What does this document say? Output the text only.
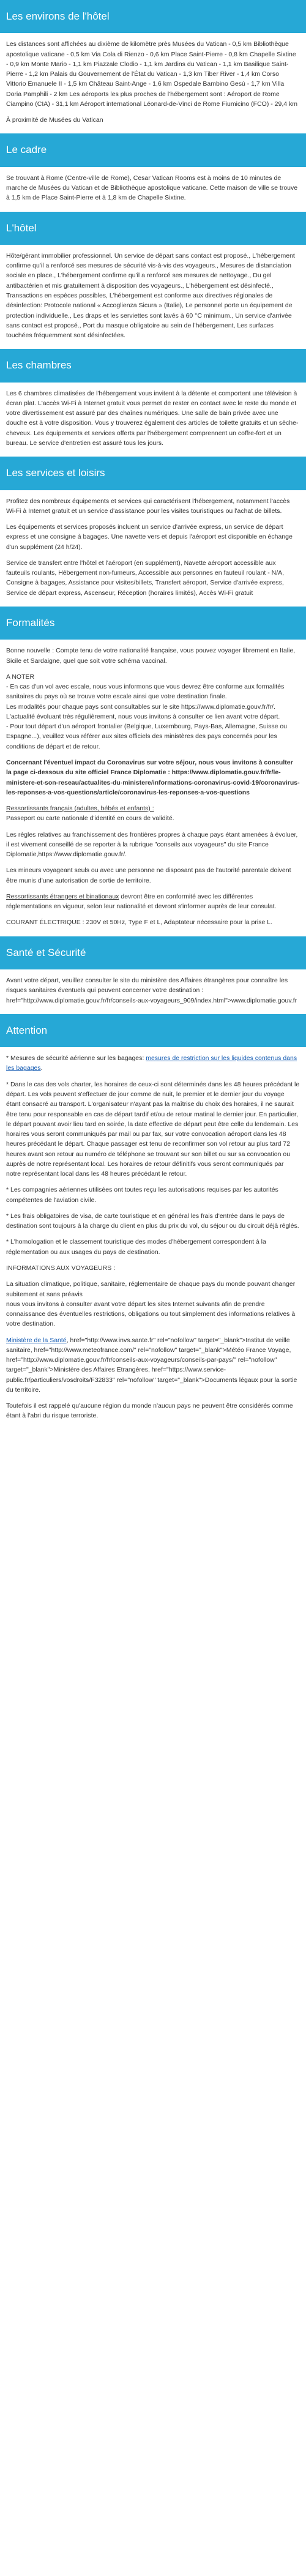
Les environs de l'hôtel

Les distances sont affichées au dixième de kilomètre près Musées du Vatican - 0,5 km Bibliothèque apostolique vaticane - 0,5 km Via Cola di Rienzo - 0,6 km Place Saint-Pierre - 0,8 km Chapelle Sixtine - 0,9 km Monte Mario - 1,1 km Piazzale Clodio - 1,1 km Jardins du Vatican - 1,1 km Basilique Saint-Pierre - 1,2 km Palais du Gouvernement de l'État du Vatican - 1,3 km Tiber River - 1,4 km Corso Vittorio Emanuele II - 1,5 km Château Saint-Ange - 1,6 km Ospedale Bambino Gesù - 1,7 km Villa Doria Pamphili - 2 km Les aéroports les plus proches de l'hébergement sont : Aéroport de Rome Ciampino (CIA) - 31,1 km Aéroport international Léonard-de-Vinci de Rome Fiumicino (FCO) - 29,4 km

À proximité de Musées du Vatican

Le cadre

Se trouvant à Rome (Centre-ville de Rome), Cesar Vatican Rooms est à moins de 10 minutes de marche de Musées du Vatican et de Bibliothèque apostolique vaticane. Cette maison de ville se trouve à 1,5 km de Place Saint-Pierre et à 1,8 km de Chapelle Sixtine.

L'hôtel

Hôte/gérant immobilier professionnel. Un service de départ sans contact est proposé., L'hébergement confirme qu'il a renforcé ses mesures de sécurité vis-à-vis des voyageurs., Mesures de distanciation sociale en place., L'hébergement confirme qu'il a renforcé ses mesures de nettoyage., Du gel antibactérien et mis gratuitement à disposition des voyageurs., L'hébergement est désinfecté., Transactions en espèces possibles, L'hébergement est conforme aux directives régionales de désinfection: Protocole national « Accoglienza Sicura » (Italie), Le personnel porte un équipement de protection individuelle., Les draps et les serviettes sont lavés à 60 °C minimum., Un service d'arrivée sans contact est proposé., Port du masque obligatoire au sein de l'hébergement, Les surfaces touchées fréquemment sont désinfectées.

Les chambres

Les 6 chambres climatisées de l'hébergement vous invitent à la détente et comportent une télévision à écran plat. L'accès Wi-Fi à Internet gratuit vous permet de rester en contact avec le reste du monde et votre divertissement est assuré par des chaînes numériques. Une salle de bain privée avec une douche est à votre disposition. Vous y trouverez également des articles de toilette gratuits et un sèche-cheveux. Les équipements et services offerts par l'hébergement comprennent un coffre-fort et un bureau. Le service d'entretien est assuré tous les jours.

Les services et loisirs

Profitez des nombreux équipements et services qui caractérisent l'hébergement, notamment l'accès Wi-Fi à Internet gratuit et un service d'assistance pour les visites touristiques ou l'achat de billets.

Les équipements et services proposés incluent un service d'arrivée express, un service de départ express et une consigne à bagages. Une navette vers et depuis l'aéroport est disponible en échange d'un supplément (24 h/24).

Service de transfert entre l'hôtel et l'aéroport (en supplément), Navette aéroport accessible aux fauteuils roulants, Hébergement non-fumeurs, Accessible aux personnes en fauteuil roulant - N/A, Consigne à bagages, Assistance pour visites/billets, Transfert aéroport, Service d'arrivée express, Service de départ express, Ascenseur, Réception (horaires limités), Accès Wi-Fi gratuit

Formalités

Bonne nouvelle : Compte tenu de votre nationalité française, vous pouvez voyager librement en Italie, Sicile et Sardaigne, quel que soit votre schéma vaccinal.

A NOTER
- En cas d'un vol avec escale, nous vous informons que vous devrez être conforme aux formalités sanitaires du pays où se trouve votre escale ainsi que votre destination finale.
Les modalités pour chaque pays sont consultables sur le site https://www.diplomatie.gouv.fr/fr/. L'actualité évoluant très régulièrement, nous vous invitons à consulter ce lien avant votre départ.
- Pour tout départ d'un aéroport frontalier (Belgique, Luxembourg, Pays-Bas, Allemagne, Suisse ou Espagne...), veuillez vous référer aux sites officiels des ministères des pays concernés pour les conditions de départ et de retour.

Concernant l'éventuel impact du Coronavirus sur votre séjour, nous vous invitons à consulter la page ci-dessous du site officiel France Diplomatie : https://www.diplomatie.gouv.fr/fr/le-ministere-et-son-reseau/actualites-du-ministere/informations-coronavirus-covid-19/coronavirus-les-reponses-a-vos-questions/article/coronavirus-les-reponses-a-vos-questions

Ressortissants français (adultes, bébés et enfants) :
Passeport ou carte nationale d'identité en cours de validité.

Les règles relatives au franchissement des frontières propres à chaque pays étant amenées à évoluer, il est vivement conseillé de se reporter à la rubrique "conseils aux voyageurs" du site France Diplomatie,https://www.diplomatie.gouv.fr/.

Les mineurs voyageant seuls ou avec une personne ne disposant pas de l'autorité parentale doivent être munis d'une autorisation de sortie de territoire.

Ressortissants étrangers et binationaux devront être en conformité avec les différentes réglementations en vigueur, selon leur nationalité et devront s'informer auprès de leur consulat.

COURANT ÉLECTRIQUE : 230V et 50Hz, Type F et L, Adaptateur nécessaire pour la prise L.

Santé et Sécurité

Avant votre départ, veuillez consulter le site du ministère des Affaires étrangères pour connaître les risques sanitaires éventuels qui peuvent concerner votre destination : href="http://www.diplomatie.gouv.fr/fr/conseils-aux-voyageurs_909/index.html">www.diplomatie.gouv.fr

Attention

* Mesures de sécurité aérienne sur les bagages: mesures de restriction sur les liquides contenus dans les bagages.

* Dans le cas des vols charter, les horaires de ceux-ci sont déterminés dans les 48 heures précédant le départ. Les vols peuvent s'effectuer de jour comme de nuit, le premier et le dernier jour du voyage étant consacré au transport. L'organisateur n'ayant pas la maîtrise du choix des horaires, il ne saurait être tenu pour responsable en cas de départ tardif et/ou de retour matinal le dernier jour. En particulier, le départ pouvant avoir lieu tard en soirée, la date effective de départ peut être celle du lendemain. Les horaires vous seront communiqués par mail ou par fax, sur votre convocation aéroport dans les 48 heures précédant le départ. Chaque passager est tenu de reconfirmer son vol retour au plus tard 72 heures avant son retour au numéro de téléphone se trouvant sur son billet ou sur sa convocation ou auprès de notre représentant local. Les horaires de retour définitifs vous seront communiqués par notre représentant local dans les 48 heures précédant le retour.

* Les compagnies aériennes utilisées ont toutes reçu les autorisations requises par les autorités compétentes de l'aviation civile.

* Les frais obligatoires de visa, de carte touristique et en général les frais d'entrée dans le pays de destination sont toujours à la charge du client en plus du prix du vol, du séjour ou du circuit déjà réglés.

* L'homologation et le classement touristique des modes d'hébergement correspondent à la réglementation ou aux usages du pays de destination.

INFORMATIONS AUX VOYAGEURS :

La situation climatique, politique, sanitaire, réglementaire de chaque pays du monde pouvant changer subitement et sans préavis
nous vous invitons à consulter avant votre départ les sites Internet suivants afin de prendre connaissance des éventuelles restrictions, obligations ou tout simplement des informations relatives à votre destination.

Ministère de la Santé, href="http://www.invs.sante.fr" rel="nofollow" target="_blank">Institut de veille sanitaire, href="http://www.meteofrance.com/" rel="nofollow" target="_blank">Météo France Voyage, href="http://www.diplomatie.gouv.fr/fr/conseils-aux-voyageurs/conseils-par-pays/" rel="nofollow" target="_blank">Ministère des Affaires Etrangères, href="https://www.service-public.fr/particuliers/vosdroits/F32833" rel="nofollow" target="_blank">Documents légaux pour la sortie du territoire.

Toutefois il est rappelé qu'aucune région du monde n'aucun pays ne peuvent être considérés comme étant à l'abri du risque terroriste.
